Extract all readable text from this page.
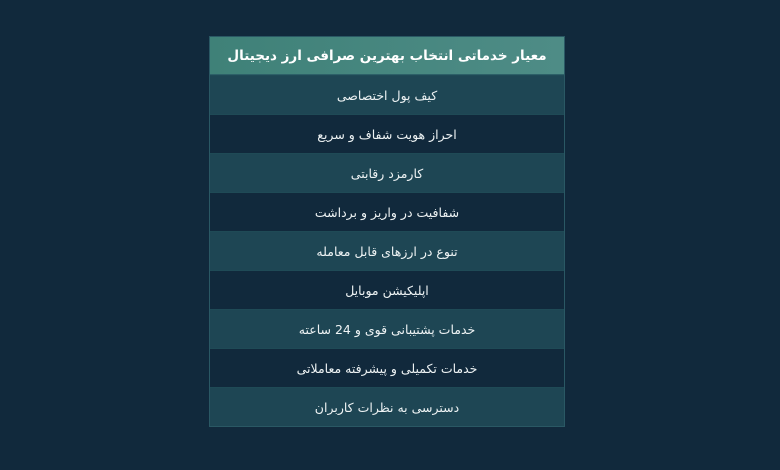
معیار خدماتی انتخاب بهترین صرافی ارز دیجیتال
کیف پول اختصاصی
احراز هویت شفاف و سریع
کارمزد رقابتی
شفافیت در واریز و برداشت
تنوع در ارزهای قابل معامله
اپلیکیشن موبایل
خدمات پشتیبانی قوی و 24 ساعته
خدمات تکمیلی و پیشرفته معاملاتی
دسترسی به نظرات کاربران
